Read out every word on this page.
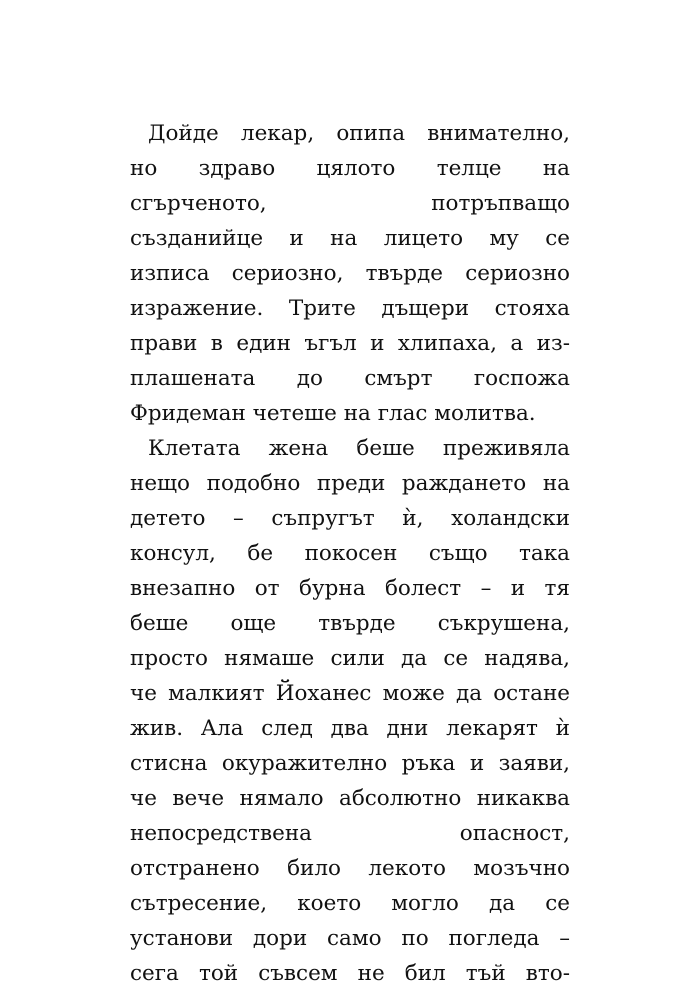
Дойде лекар, опипа внимателно,
но здраво цялото телце на
сгърченото, потръпващо
създанийце и на лицето му се
изписа сериозно, твърде сериозно
изражение. Трите дъщери стояха
прави в един ъгъл и хлипаха, а из-
плашената до смърт госпожа
Фридеман четеше на глас молитва.
Клетата жена беше преживяла
нещо подобно преди раждането на
детето – съпругът ѝ, холандски
консул, бе покосен също така
внезапно от бурна болест – и тя
беше още твърде съкрушена,
просто нямаше сили да се надява,
че малкият Йоханес може да остане
жив. Ала след два дни лекарят ѝ
стисна окуражително ръка и заяви,
че вече нямало абсолютно никаква
непосредствена опасност,
отстранено било лекото мозъчно
сътресение, което могло да се
установи дори само по погледа –
сега той съвсем не бил тъй вто-
